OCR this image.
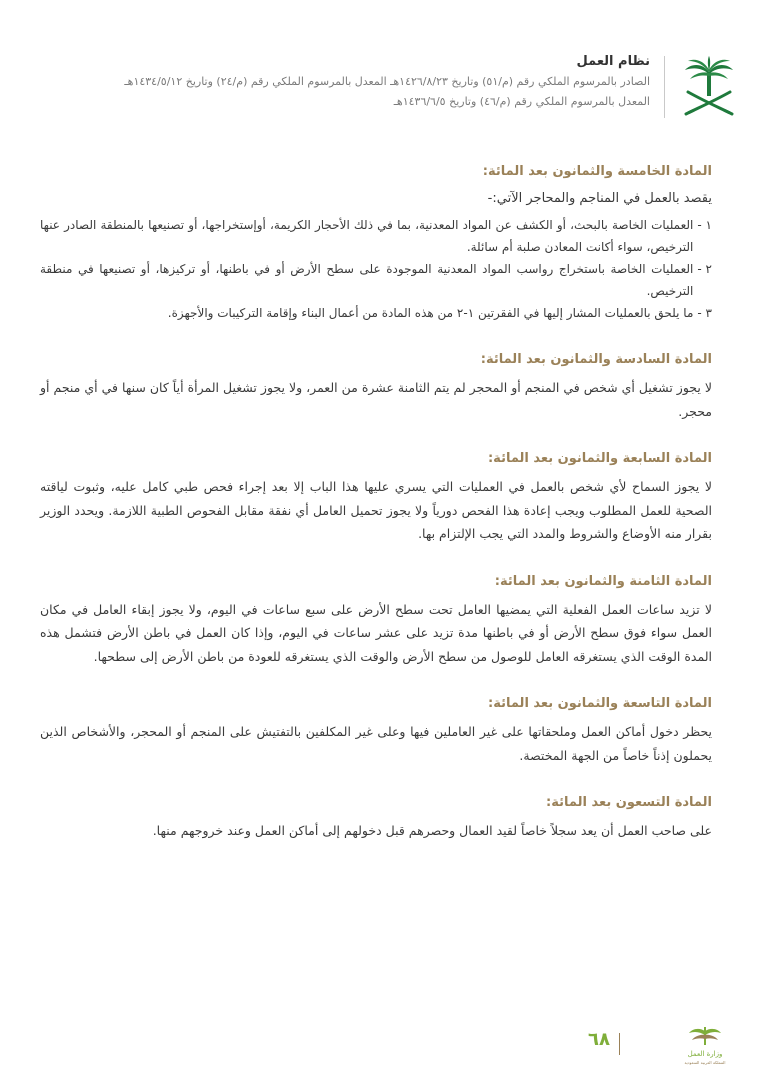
نظام العمل

الصادر بالمرسوم الملكي رقم (م/٥١) وتاريخ ١٤٢٦/٨/٢٣هـ المعدل بالمرسوم الملكي رقم (م/٢٤) وتاريخ ١٤٣٤/٥/١٢هـ

المعدل بالمرسوم الملكي رقم (م/٤٦) وتاريخ ١٤٣٦/٦/٥هـ

المادة الخامسة والثمانون بعد المائة:

يقصد بالعمل في المناجم والمحاجر الآتي:-

١ -
العمليات الخاصة بالبحث، أو الكشف عن المواد المعدنية، بما في ذلك الأحجار الكريمة، أوإستخراجها، أو تصنيعها بالمنطقة الصادر عنها الترخيص، سواء أكانت المعادن صلبة أم سائلة.
٢ -
العمليات الخاصة باستخراج رواسب المواد المعدنية الموجودة على سطح الأرض أو في باطنها، أو تركيزها، أو تصنيعها في منطقة الترخيص.
٣ -
ما يلحق بالعمليات المشار إليها في الفقرتين ١-٢ من هذه المادة من أعمال البناء وإقامة التركيبات والأجهزة.

المادة السادسة والثمانون بعد المائة:

لا يجوز تشغيل أي شخص في المنجم أو المحجر لم يتم الثامنة عشرة من العمر، ولا يجوز تشغيل المرأة أياً كان سنها في أي منجم أو محجر.

المادة السابعة والثمانون بعد المائة:

لا يجوز السماح لأي شخص بالعمل في العمليات التي يسري عليها هذا الباب إلا بعد إجراء فحص طبي كامل عليه، وثبوت لياقته الصحية للعمل المطلوب ويجب إعادة هذا الفحص دورياً ولا يجوز تحميل العامل أي نفقة مقابل الفحوص الطبية اللازمة. ويحدد الوزير بقرار منه الأوضاع والشروط والمدد التي يجب الإلتزام بها.

المادة الثامنة والثمانون بعد المائة:

لا تزيد ساعات العمل الفعلية التي يمضيها العامل تحت سطح الأرض على سبع ساعات في اليوم، ولا يجوز إبقاء العامل في مكان العمل سواء فوق سطح الأرض أو في باطنها مدة تزيد على عشر ساعات في اليوم، وإذا كان العمل في باطن الأرض فتشمل هذه المدة الوقت الذي يستغرقه العامل للوصول من سطح الأرض والوقت الذي يستغرقه للعودة من باطن الأرض إلى سطحها.

المادة التاسعة والثمانون بعد المائة:

يحظر دخول أماكن العمل وملحقاتها على غير العاملين فيها وعلى غير المكلفين بالتفتيش على المنجم أو المحجر، والأشخاص الذين يحملون إذناً خاصاً من الجهة المختصة.

المادة التسعون بعد المائة:

على صاحب العمل أن يعد سجلاً خاصاً لقيد العمال وحصرهم قبل دخولهم إلى أماكن العمل وعند خروجهم منها.

وزارة العمل
المملكة العربية السعودية
٦٨
